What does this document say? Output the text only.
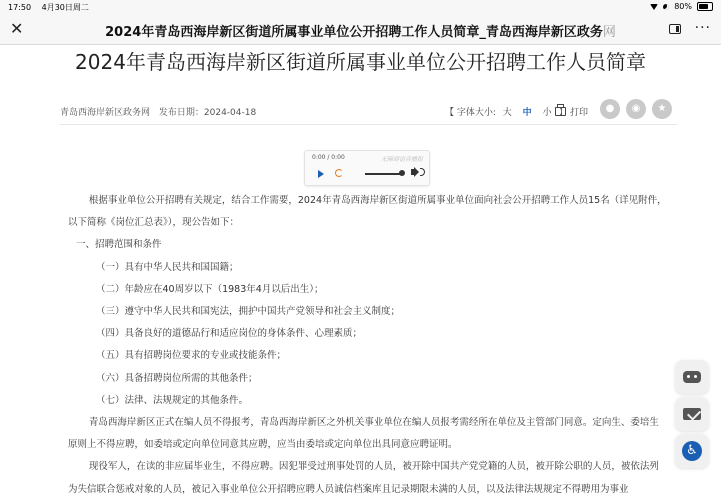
17:50 4月30日周二	80%
✕	2024年青岛西海岸新区街道所属事业单位公开招聘工作人员简章_青岛西海岸新区政务网	···
2024年青岛西海岸新区街道所属事业单位公开招聘工作人员简章
青岛西海岸新区政务网 发布日期：2024-04-18	【 字体大小: 大 中 小 】 打印	●	◉	★
0:00 / 0:00	无障碍语音播报

根据事业单位公开招聘有关规定，结合工作需要，2024年青岛西海岸新区街道所属事业单位面向社会公开招聘工作人员15名（详见附件，以下简称《岗位汇总表》），现公告如下：

一、招聘范围和条件

（一）具有中华人民共和国国籍；

（二）年龄应在40周岁以下（1983年4月以后出生）；

（三）遵守中华人民共和国宪法，拥护中国共产党领导和社会主义制度；

（四）具备良好的道德品行和适应岗位的身体条件、心理素质；

（五）具有招聘岗位要求的专业或技能条件；

（六）具备招聘岗位所需的其他条件；

（七）法律、法规规定的其他条件。

青岛西海岸新区正式在编人员不得报考，青岛西海岸新区之外机关事业单位在编人员报考需经所在单位及主管部门同意。定向生、委培生原则上不得应聘，如委培或定向单位同意其应聘，应当由委培或定向单位出具同意应聘证明。

现役军人，在读的非应届毕业生，不得应聘。因犯罪受过刑事处罚的人员，被开除中国共产党党籍的人员，被开除公职的人员，被依法列为失信联合惩戒对象的人员，被记入事业单位公开招聘应聘人员诚信档案库且记录期限未满的人员，以及法律法规规定不得聘用为事业

♿
